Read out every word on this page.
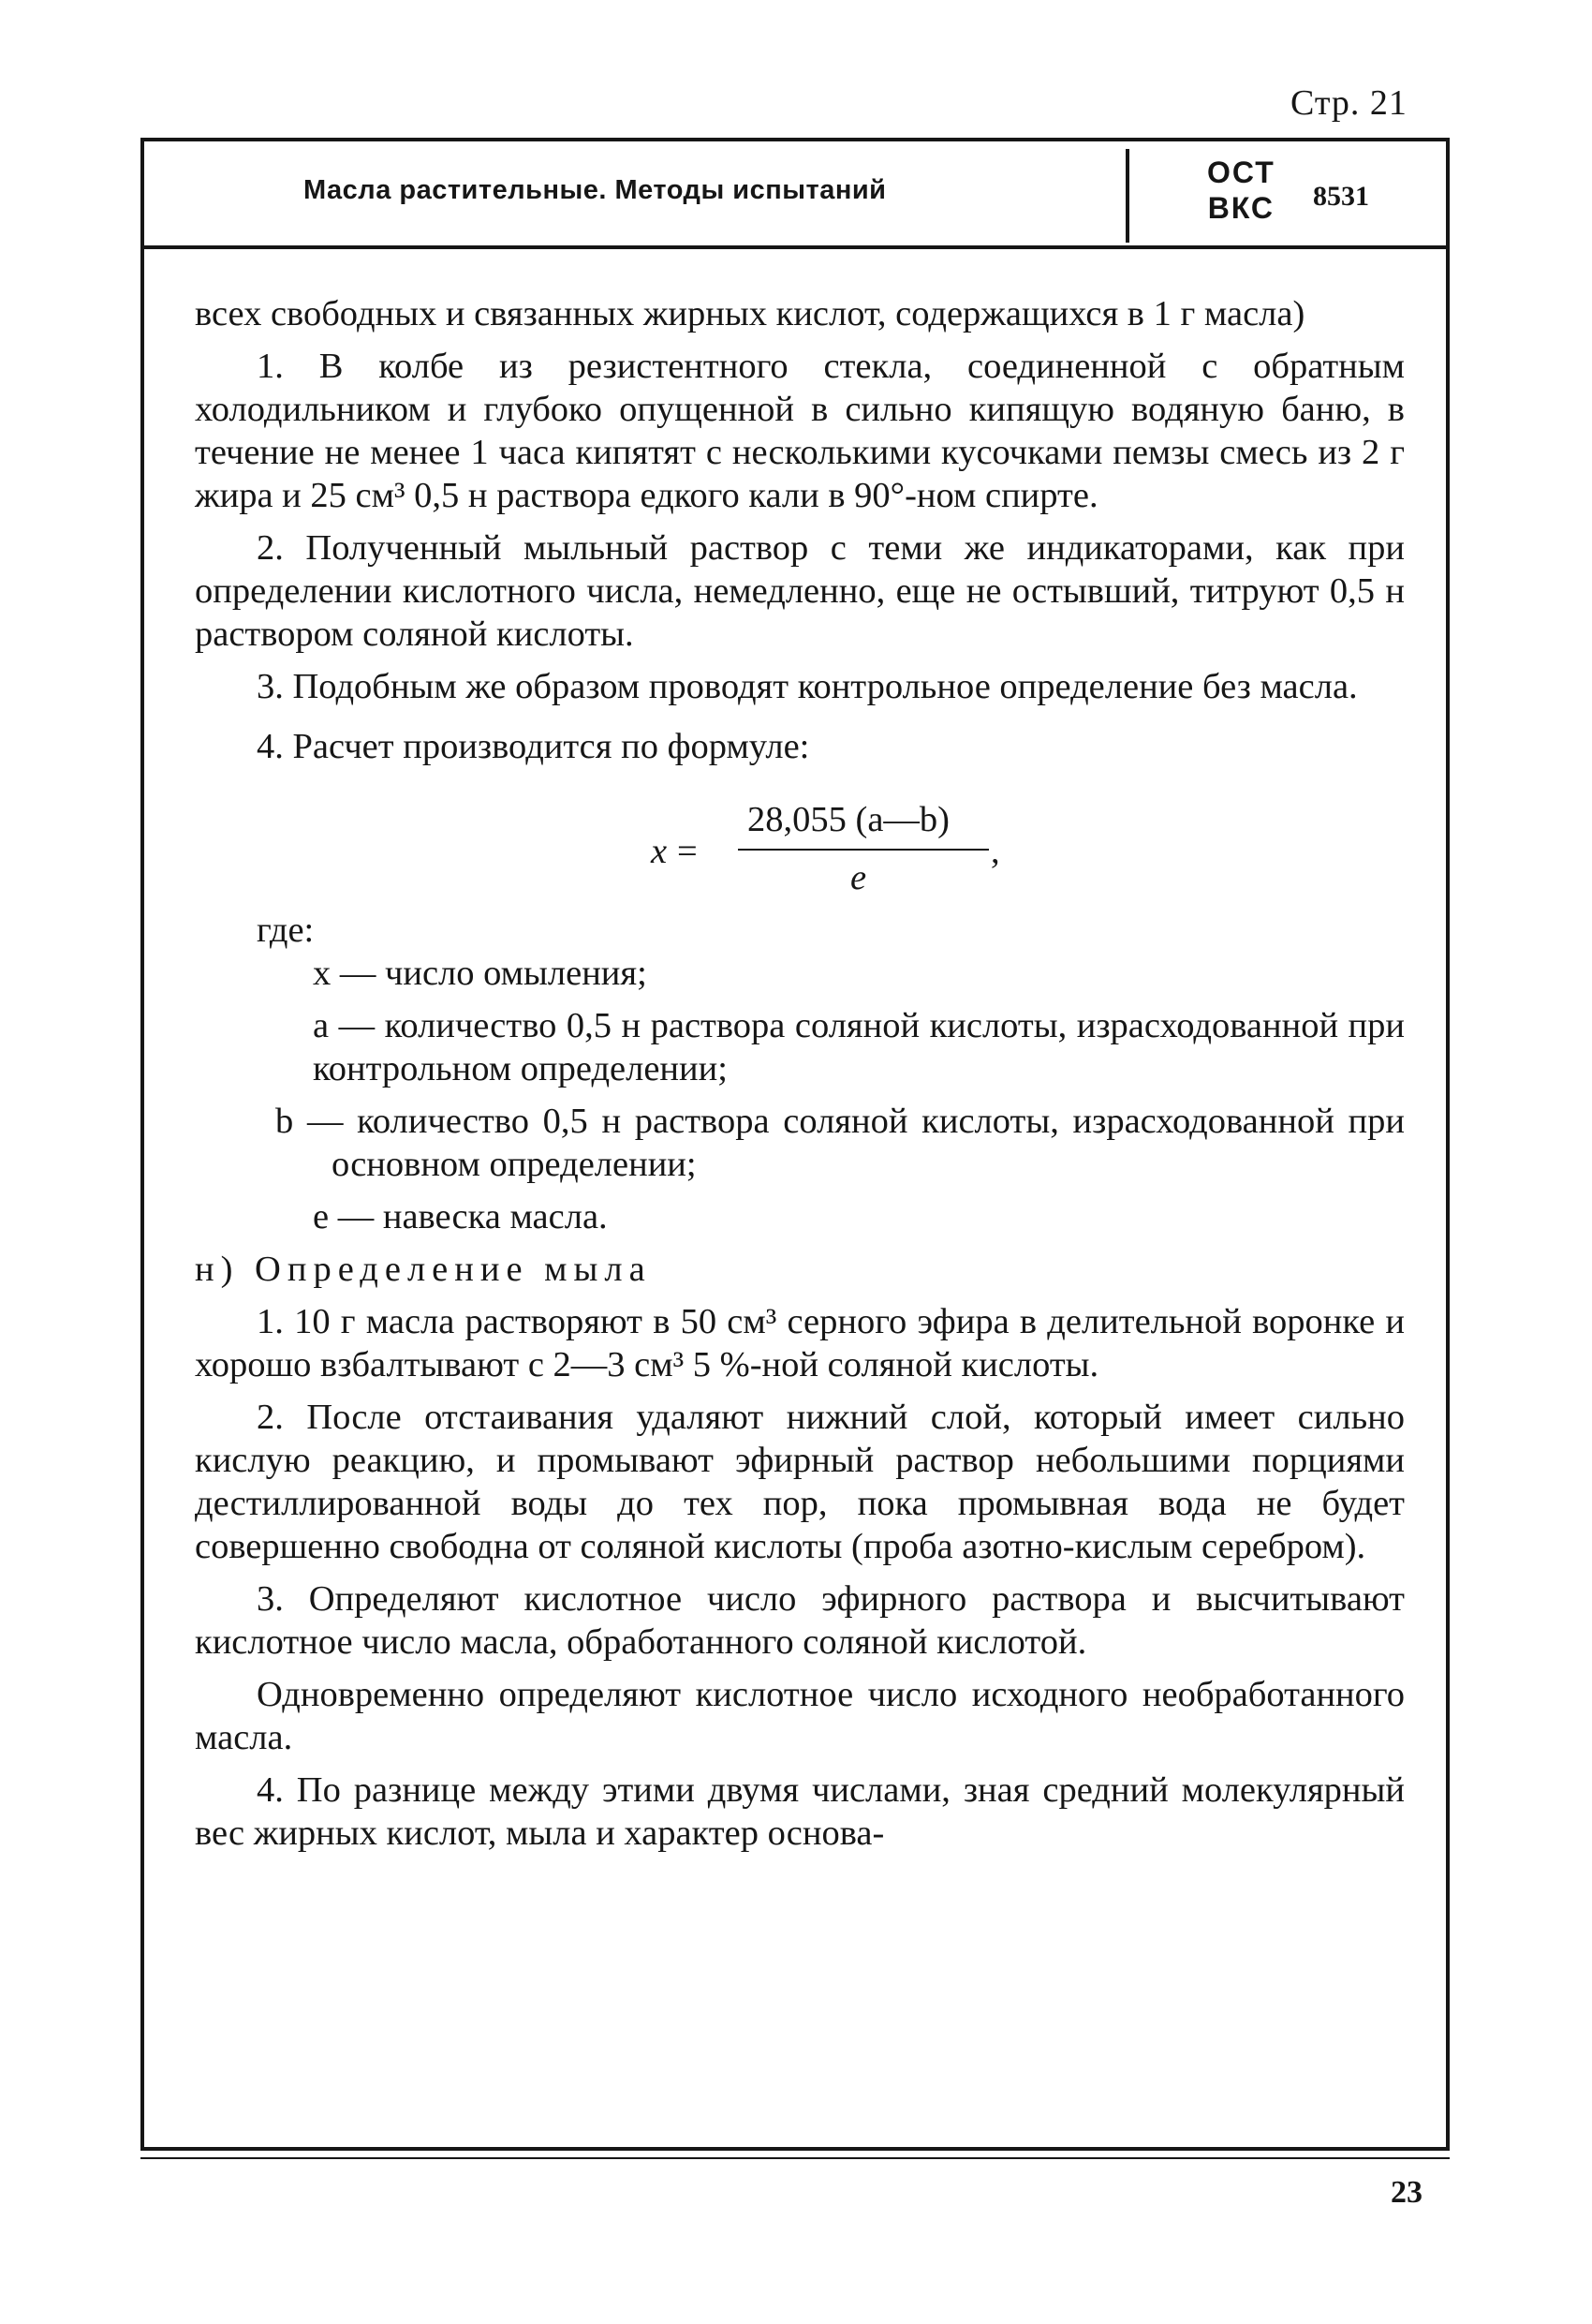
Стр. 21
Масла растительные. Методы испытаний
ОСТ
ВКС 8531

всех свободных и связанных жирных кислот, содержащихся в 1 г масла)

1. В колбе из резистентного стекла, соединенной с обратным холодильником и глубоко опущенной в сильно кипящую водяную баню, в течение не менее 1 часа кипятят с несколькими кусочками пемзы смесь из 2 г жира и 25 см³ 0,5 н раствора едкого кали в 90°-ном спирте.

2. Полученный мыльный раствор с теми же индикаторами, как при определении кислотного числа, немедленно, еще не остывший, титруют 0,5 н раствором соляной кислоты.

3. Подобным же образом проводят контрольное определение без масла.

4. Расчет производится по формуле:

x =
28,055 (a—b)
,
e

где:

x — число омыления;

a — количество 0,5 н раствора соляной кислоты, израсходованной при контрольном определении;

b — количество 0,5 н раствора соляной кислоты, израсходованной при основном определении;

e — навеска масла.

н) Определение мыла

1. 10 г масла растворяют в 50 см³ серного эфира в делительной воронке и хорошо взбалтывают с 2—3 см³ 5 %-ной соляной кислоты.

2. После отстаивания удаляют нижний слой, который имеет сильно кислую реакцию, и промывают эфирный раствор небольшими порциями дестиллированной воды до тех пор, пока промывная вода не будет совершенно свободна от соляной кислоты (проба азотно-кислым серебром).

3. Определяют кислотное число эфирного раствора и высчитывают кислотное число масла, обработанного соляной кислотой.

Одновременно определяют кислотное число исходного необработанного масла.

4. По разнице между этими двумя числами, зная средний молекулярный вес жирных кислот, мыла и характер основа-

23
